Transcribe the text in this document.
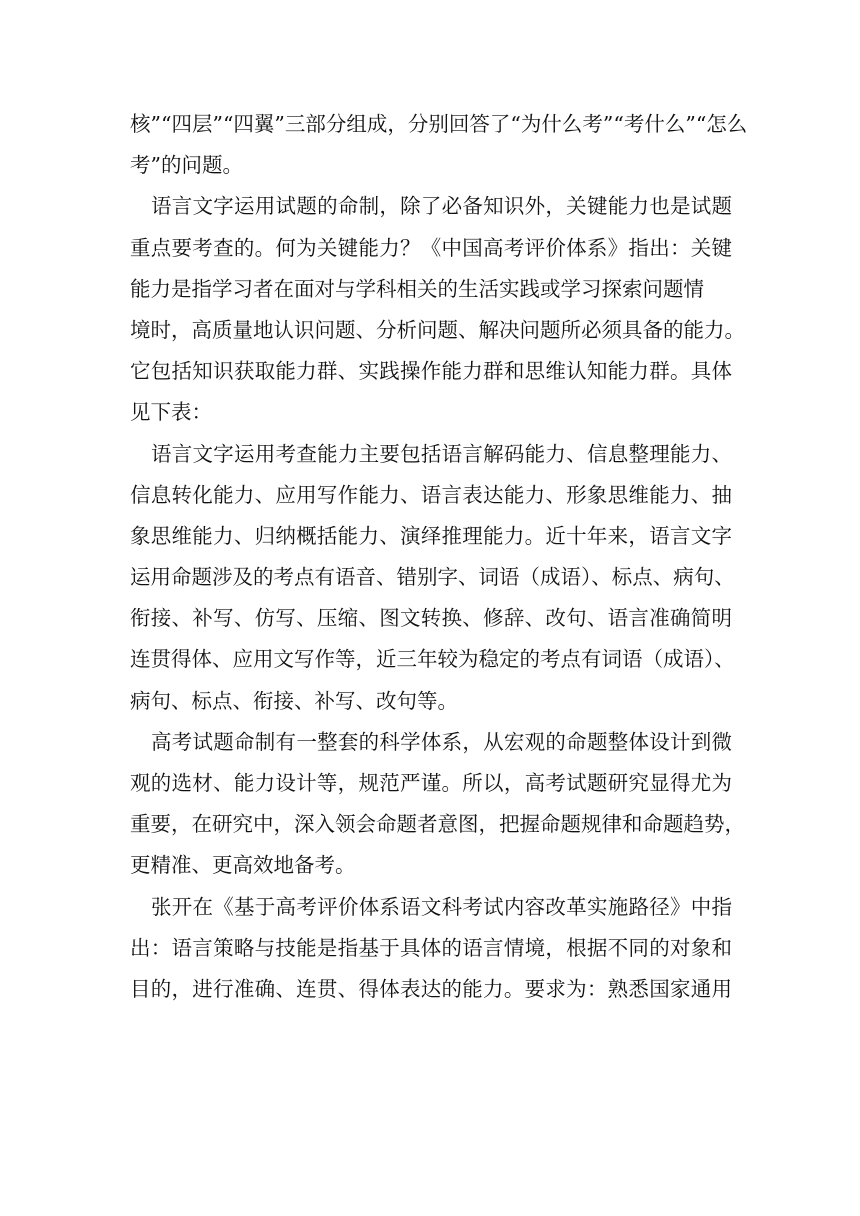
核”“四层”“四翼”三部分组成，分别回答了“为什么考”“考什么”“怎么
考”的问题。
语言文字运用试题的命制，除了必备知识外，关键能力也是试题
重点要考查的。何为关键能力？《中国高考评价体系》指出：关键
能力是指学习者在面对与学科相关的生活实践或学习探索问题情
境时，高质量地认识问题、分析问题、解决问题所必须具备的能力。
它包括知识获取能力群、实践操作能力群和思维认知能力群。具体
见下表：
语言文字运用考查能力主要包括语言解码能力、信息整理能力、
信息转化能力、应用写作能力、语言表达能力、形象思维能力、抽
象思维能力、归纳概括能力、演绎推理能力。近十年来，语言文字
运用命题涉及的考点有语音、错别字、词语（成语）、标点、病句、
衔接、补写、仿写、压缩、图文转换、修辞、改句、语言准确简明
连贯得体、应用文写作等，近三年较为稳定的考点有词语（成语）、
病句、标点、衔接、补写、改句等。
高考试题命制有一整套的科学体系，从宏观的命题整体设计到微
观的选材、能力设计等，规范严谨。所以，高考试题研究显得尤为
重要，在研究中，深入领会命题者意图，把握命题规律和命题趋势，
更精准、更高效地备考。
张开在《基于高考评价体系语文科考试内容改革实施路径》中指
出：语言策略与技能是指基于具体的语言情境，根据不同的对象和
目的，进行准确、连贯、得体表达的能力。要求为：熟悉国家通用
